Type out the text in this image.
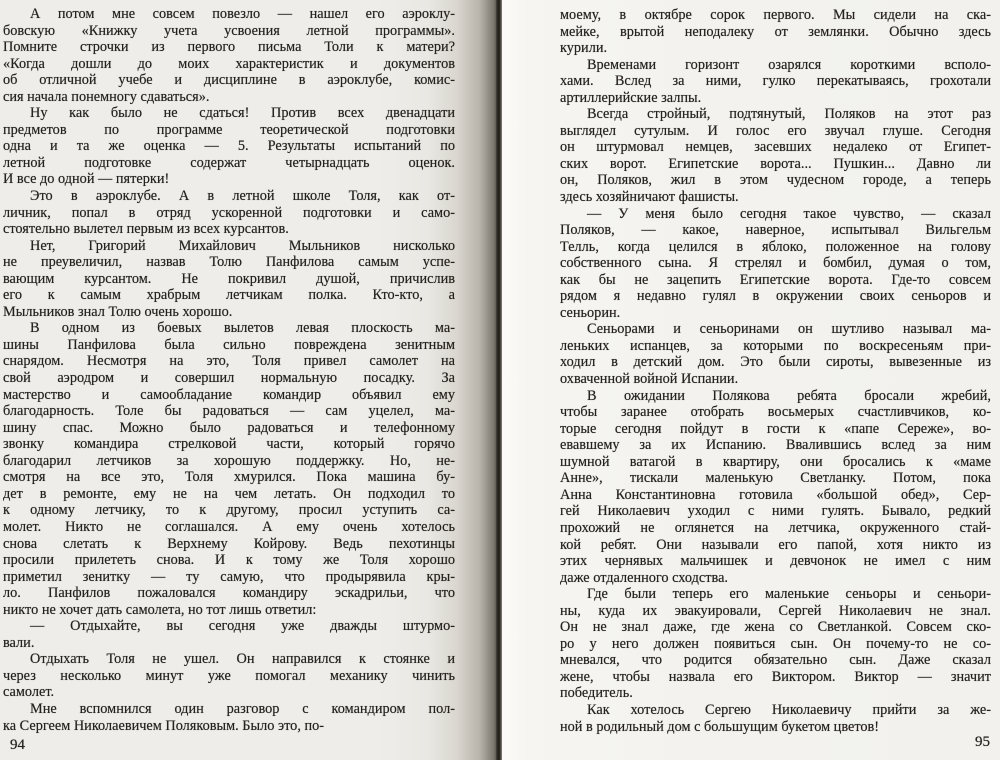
А потом мне совсем повезло — нашел его аэроклу-
бовскую «Книжку учета усвоения летной программы».
Помните строчки из первого письма Толи к матери?
«Когда дошли до моих характеристик и документов
об отличной учебе и дисциплине в аэроклубе, комис-
сия начала понемногу сдаваться».
Ну как было не сдаться! Против всех двенадцати
предметов по программе теоретической подготовки
одна и та же оценка — 5. Результаты испытаний по
летной подготовке содержат четырнадцать оценок.
И все до одной — пятерки!
Это в аэроклубе. А в летной школе Толя, как от-
личник, попал в отряд ускоренной подготовки и само-
стоятельно вылетел первым из всех курсантов.
Нет, Григорий Михайлович Мыльников нисколько
не преувеличил, назвав Толю Панфилова самым успе-
вающим курсантом. Не покривил душой, причислив
его к самым храбрым летчикам полка. Кто-кто, а
Мыльников знал Толю очень хорошо.
В одном из боевых вылетов левая плоскость ма-
шины Панфилова была сильно повреждена зенитным
снарядом. Несмотря на это, Толя привел самолет на
свой аэродром и совершил нормальную посадку. За
мастерство и самообладание командир объявил ему
благодарность. Толе бы радоваться — сам уцелел, ма-
шину спас. Можно было радоваться и телефонному
звонку командира стрелковой части, который горячо
благодарил летчиков за хорошую поддержку. Но, не-
смотря на все это, Толя хмурился. Пока машина бу-
дет в ремонте, ему не на чем летать. Он подходил то
к одному летчику, то к другому, просил уступить са-
молет. Никто не соглашался. А ему очень хотелось
снова слетать к Верхнему Койрову. Ведь пехотинцы
просили прилететь снова. И к тому же Толя хорошо
приметил зенитку — ту самую, что продырявила кры-
ло. Панфилов пожаловался командиру эскадрильи, что
никто не хочет дать самолета, но тот лишь ответил:
— Отдыхайте, вы сегодня уже дважды штурмо-
вали.
Отдыхать Толя не ушел. Он направился к стоянке и
через несколько минут уже помогал механику чинить
самолет.
Мне вспомнился один разговор с командиром пол-
ка Сергеем Николаевичем Поляковым. Было это, по-
94
моему, в октябре сорок первого. Мы сидели на ска-
мейке, врытой неподалеку от землянки. Обычно здесь
курили.
Временами горизонт озарялся короткими всполо-
хами. Вслед за ними, гулко перекатываясь, грохотали
артиллерийские залпы.
Всегда стройный, подтянутый, Поляков на этот раз
выглядел сутулым. И голос его звучал глуше. Сегодня
он штурмовал немцев, засевших недалеко от Египет-
ских ворот. Египетские ворота... Пушкин... Давно ли
он, Поляков, жил в этом чудесном городе, а теперь
здесь хозяйничают фашисты.
— У меня было сегодня такое чувство, — сказал
Поляков, — какое, наверное, испытывал Вильгельм
Телль, когда целился в яблоко, положенное на голову
собственного сына. Я стрелял и бомбил, думая о том,
как бы не зацепить Египетские ворота. Где-то совсем
рядом я недавно гулял в окружении своих сеньоров и
сеньорин.
Сеньорами и сеньоринами он шутливо называл ма-
леньких испанцев, за которыми по воскресеньям при-
ходил в детский дом. Это были сироты, вывезенные из
охваченной войной Испании.
В ожидании Полякова ребята бросали жребий,
чтобы заранее отобрать восьмерых счастливчиков, ко-
торые сегодня пойдут в гости к «папе Сереже», во-
евавшему за их Испанию. Ввалившись вслед за ним
шумной ватагой в квартиру, они бросались к «маме
Анне», тискали маленькую Светланку. Потом, пока
Анна Константиновна готовила «большой обед», Сер-
гей Николаевич уходил с ними гулять. Бывало, редкий
прохожий не оглянется на летчика, окруженного стай-
кой ребят. Они называли его папой, хотя никто из
этих чернявых мальчишек и девчонок не имел с ним
даже отдаленного сходства.
Где были теперь его маленькие сеньоры и сеньори-
ны, куда их эвакуировали, Сергей Николаевич не знал.
Он не знал даже, где жена со Светланкой. Совсем ско-
ро у него должен появиться сын. Он почему-то не со-
мневался, что родится обязательно сын. Даже сказал
жене, чтобы назвала его Виктором. Виктор — значит
победитель.
Как хотелось Сергею Николаевичу прийти за же-
ной в родильный дом с большущим букетом цветов!
95
